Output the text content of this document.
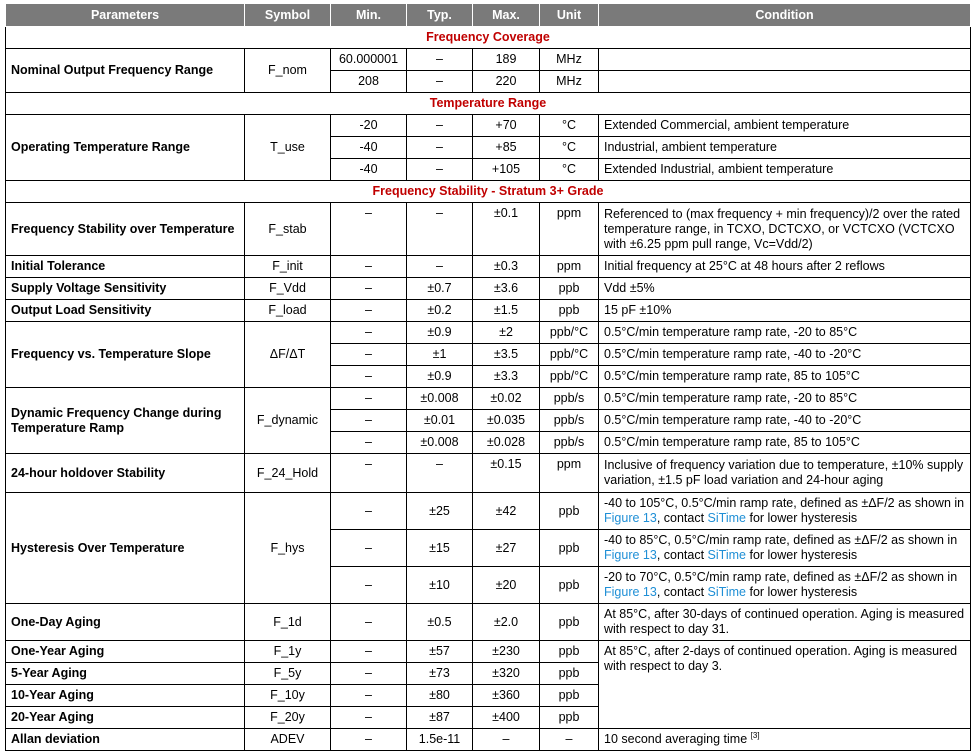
Parameters	Symbol	Min.	Typ.	Max.	Unit	Condition
Frequency Coverage						
Nominal Output Frequency Range	F_nom	60.000001	–	189	MHz	
		208	–	220	MHz	
Temperature Range						
Operating Temperature Range	T_use	-20	–	+70	°C	Extended Commercial, ambient temperature
		-40	–	+85	°C	Industrial, ambient temperature
		-40	–	+105	°C	Extended Industrial, ambient temperature
Frequency Stability - Stratum 3+ Grade						
Frequency Stability over Temperature	F_stab	–	–	±0.1	ppm	Referenced to (max frequency + min frequency)/2 over the rated temperature range, in TCXO, DCTCXO, or VCTCXO (VCTCXO with ±6.25 ppm pull range, Vc=Vdd/2)
Initial Tolerance	F_init	–	–	±0.3	ppm	Initial frequency at 25°C at 48 hours after 2 reflows
Supply Voltage Sensitivity	F_Vdd	–	±0.7	±3.6	ppb	Vdd ±5%
Output Load Sensitivity	F_load	–	±0.2	±1.5	ppb	15 pF ±10%
Frequency vs. Temperature Slope	ΔF/ΔT	–	±0.9	±2	ppb/°C	0.5°C/min temperature ramp rate, -20 to 85°C
		–	±1	±3.5	ppb/°C	0.5°C/min temperature ramp rate, -40 to -20°C
		–	±0.9	±3.3	ppb/°C	0.5°C/min temperature ramp rate, 85 to 105°C
Dynamic Frequency Change during Temperature Ramp	F_dynamic	–	±0.008	±0.02	ppb/s	0.5°C/min temperature ramp rate, -20 to 85°C
		–	±0.01	±0.035	ppb/s	0.5°C/min temperature ramp rate, -40 to -20°C
		–	±0.008	±0.028	ppb/s	0.5°C/min temperature ramp rate, 85 to 105°C
24-hour holdover Stability	F_24_Hold	–	–	±0.15	ppm	Inclusive of frequency variation due to temperature, ±10% supply variation, ±1.5 pF load variation and 24-hour aging
Hysteresis Over Temperature	F_hys	–	±25	±42	ppb	-40 to 105°C, 0.5°C/min ramp rate, defined as ±ΔF/2 as shown in Figure 13, contact SiTime for lower hysteresis
		–	±15	±27	ppb	-40 to 85°C, 0.5°C/min ramp rate, defined as ±ΔF/2 as shown in Figure 13, contact SiTime for lower hysteresis
		–	±10	±20	ppb	-20 to 70°C, 0.5°C/min ramp rate, defined as ±ΔF/2 as shown in Figure 13, contact SiTime for lower hysteresis
One-Day Aging	F_1d	–	±0.5	±2.0	ppb	At 85°C, after 30-days of continued operation. Aging is measured with respect to day 31.
One-Year Aging	F_1y	–	±57	±230	ppb	At 85°C, after 2-days of continued operation. Aging is measured with respect to day 3.
5-Year Aging	F_5y	–	±73	±320	ppb	
10-Year Aging	F_10y	–	±80	±360	ppb	
20-Year Aging	F_20y	–	±87	±400	ppb	
Allan deviation	ADEV	–	1.5e-11	–	–	10 second averaging time [3]
